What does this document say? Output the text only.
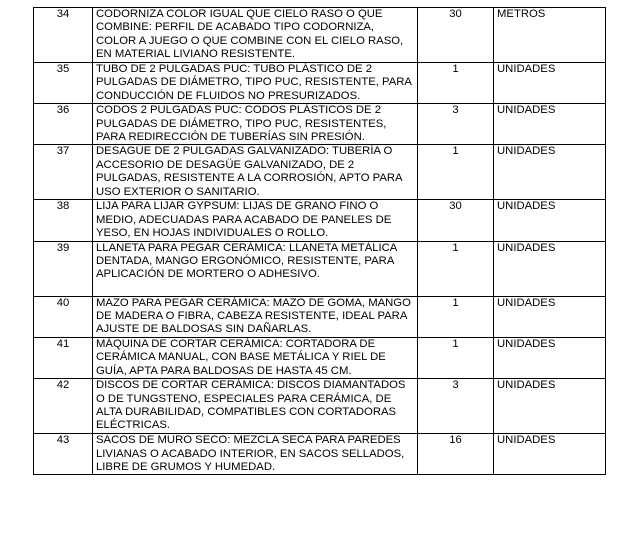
34	CODORNIZA COLOR IGUAL QUE CIELO RASO O QUE COMBINE: PERFIL DE ACABADO TIPO CODORNIZA, COLOR A JUEGO O QUE COMBINE CON EL CIELO RASO, EN MATERIAL LIVIANO RESISTENTE.	30	METROS
35	TUBO DE 2 PULGADAS PUC: TUBO PLÁSTICO DE 2 PULGADAS DE DIÁMETRO, TIPO PUC, RESISTENTE, PARA CONDUCCIÓN DE FLUIDOS NO PRESURIZADOS.	1	UNIDADES
36	CODOS 2 PULGADAS PUC: CODOS PLÁSTICOS DE 2 PULGADAS DE DIÁMETRO, TIPO PUC, RESISTENTES, PARA REDIRECCIÓN DE TUBERÍAS SIN PRESIÓN.	3	UNIDADES
37	DESAGÜE DE 2 PULGADAS GALVANIZADO: TUBERÍA O ACCESORIO DE DESAGÜE GALVANIZADO, DE 2 PULGADAS, RESISTENTE A LA CORROSIÓN, APTO PARA USO EXTERIOR O SANITARIO.	1	UNIDADES
38	LIJA PARA LIJAR GYPSUM: LIJAS DE GRANO FINO O MEDIO, ADECUADAS PARA ACABADO DE PANELES DE YESO, EN HOJAS INDIVIDUALES O ROLLO.	30	UNIDADES
39	LLANETA PARA PEGAR CERÁMICA: LLANETA METÁLICA DENTADA, MANGO ERGONÓMICO, RESISTENTE, PARA APLICACIÓN DE MORTERO O ADHESIVO.	1	UNIDADES
40	MAZO PARA PEGAR CERÁMICA: MAZO DE GOMA, MANGO DE MADERA O FIBRA, CABEZA RESISTENTE, IDEAL PARA AJUSTE DE BALDOSAS SIN DAÑARLAS.	1	UNIDADES
41	MÁQUINA DE CORTAR CERÁMICA: CORTADORA DE CERÁMICA MANUAL, CON BASE METÁLICA Y RIEL DE GUÍA, APTA PARA BALDOSAS DE HASTA 45 CM.	1	UNIDADES
42	DISCOS DE CORTAR CERÁMICA: DISCOS DIAMANTADOS O DE TUNGSTENO, ESPECIALES PARA CERÁMICA, DE ALTA DURABILIDAD, COMPATIBLES CON CORTADORAS ELÉCTRICAS.	3	UNIDADES
43	SACOS DE MURO SECO: MEZCLA SECA PARA PAREDES LIVIANAS O ACABADO INTERIOR, EN SACOS SELLADOS, LIBRE DE GRUMOS Y HUMEDAD.	16	UNIDADES
